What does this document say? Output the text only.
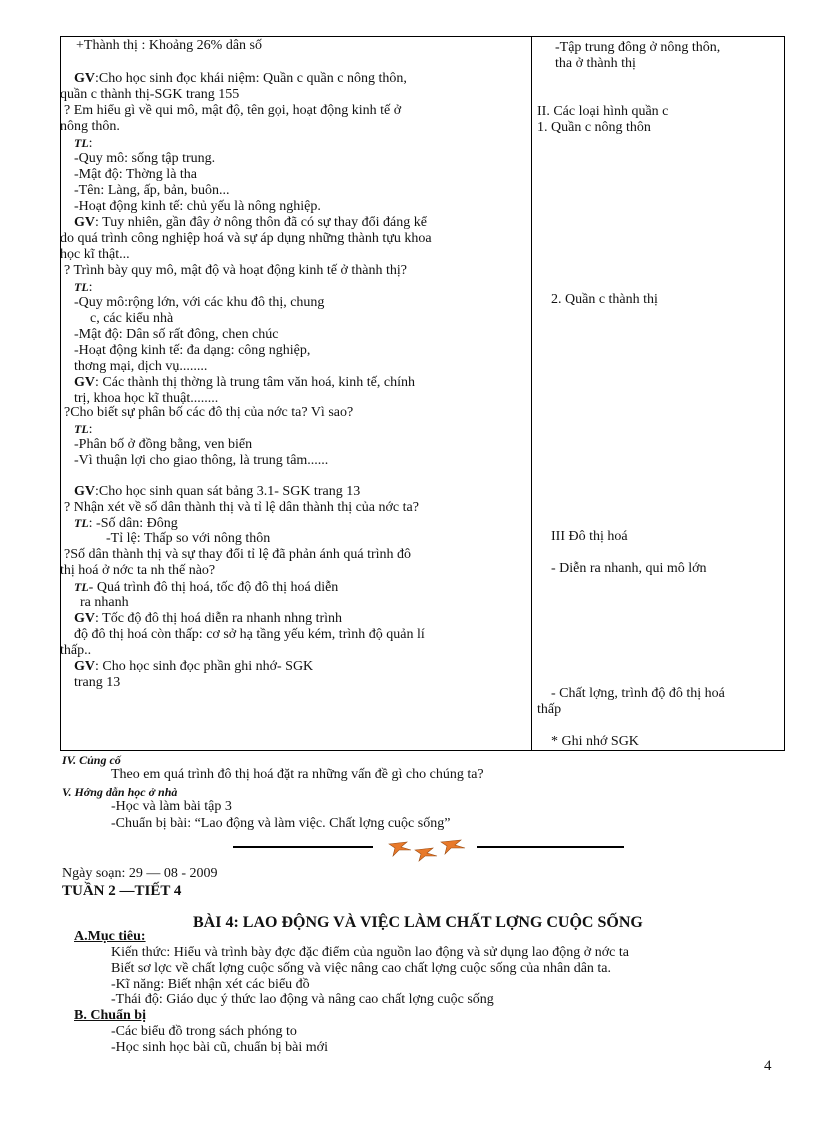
+Thành thị : Khoảng 26% dân số
GV:Cho học sinh đọc khái niệm: Quần c quần c nông thôn,
quần c thành thị-SGK trang 155
? Em hiểu gì về qui mô, mật độ, tên gọi, hoạt động kinh tế ở
nông thôn.
TL:
-Quy mô: sống tập trung.
-Mật độ: Thờng là tha
-Tên: Làng, ấp, bản, buôn...
-Hoạt động kinh tế: chủ yếu là nông nghiệp.
GV: Tuy nhiên, gần đây ở nông thôn đã có sự thay đổi đáng kể
do quá trình công nghiệp hoá và sự áp dụng những thành tựu khoa
học kĩ thật...
? Trình bày quy mô, mật độ và hoạt động kinh tế ở thành thị?
TL:
-Quy mô:rộng lớn, với các khu đô thị, chung
c, các kiểu nhà
-Mật độ: Dân số rất đông, chen chúc
-Hoạt động kinh tế: đa dạng: công nghiệp,
thơng mại, dịch vụ........
GV: Các thành thị thờng là trung tâm văn hoá, kinh tế, chính
trị, khoa học kĩ thuật........
?Cho biết sự phân bố các đô thị của nớc ta? Vì sao?
TL:
-Phân bố ở đồng bằng, ven biển
-Vì thuận lợi cho giao thông, là trung tâm......
GV:Cho học sinh quan sát bảng 3.1- SGK trang 13
? Nhận xét về số dân thành thị và tỉ lệ dân thành thị của nớc ta?
TL: -Số dân: Đông
-Tỉ lệ: Thấp so với nông thôn
?Số dân thành thị và sự thay đổi tỉ lệ đã phản ánh quá trình đô
thị hoá ở nớc ta nh thế nào?
TL- Quá trình đô thị hoá, tốc độ đô thị hoá diễn
ra nhanh
GV: Tốc độ đô thị hoá diễn ra nhanh nhng trình
độ đô thị hoá còn thấp: cơ sở hạ tầng yếu kém, trình độ quản lí
thấp..
GV: Cho học sinh đọc phần ghi nhớ- SGK
trang 13
-Tập trung đông ở nông thôn,
tha ở thành thị
II. Các loại hình quần c
1. Quần c nông thôn
2. Quần c thành thị
III Đô thị hoá
- Diễn ra nhanh, qui mô lớn
- Chất lợng, trình độ đô thị hoá
thấp
* Ghi nhớ SGK
IV. Củng cố
Theo em quá trình đô thị hoá đặt ra những vấn đề gì cho chúng ta?
V. Hớng dẫn học ở nhà
-Học và làm bài tập 3
-Chuẩn bị bài: “Lao động và làm việc. Chất lợng cuộc sống”
Ngày soạn: 29 — 08 - 2009
TUẦN 2 —TIẾT 4
BÀI 4: LAO ĐỘNG VÀ VIỆC LÀM CHẤT LỢNG CUỘC SỐNG
A.Mục tiêu:
Kiến thức: Hiểu và trình bày đợc đặc điểm của nguồn lao động và sử dụng lao động ở nớc ta
Biết sơ lợc về chất lợng cuộc sống và việc nâng cao chất lợng cuộc sống của nhân dân ta.
-Kĩ năng: Biết nhận xét các biểu đồ
-Thái độ: Giáo dục ý thức lao động và nâng cao chất lợng cuộc sống
B. Chuẩn bị
-Các biểu đồ trong sách phóng to
-Học sinh học bài cũ, chuẩn bị bài mới
4
